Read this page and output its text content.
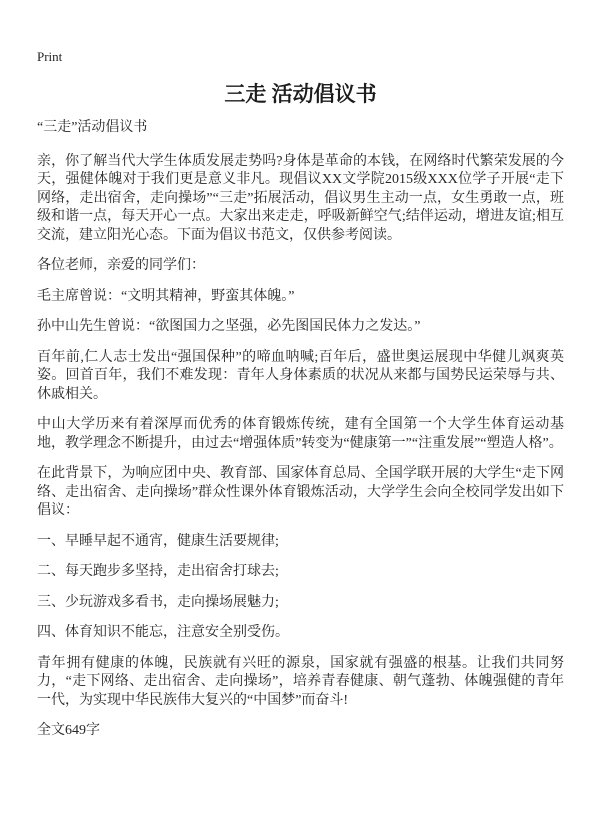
Print
三走 活动倡议书

“三走”活动倡议书

亲，你了解当代大学生体质发展走势吗?身体是革命的本钱，在网络时代繁荣发展的今天，强健体魄对于我们更是意义非凡。现倡议XX文学院2015级XXX位学子开展“走下网络，走出宿舍，走向操场”“三走”拓展活动，倡议男生主动一点，女生勇敢一点，班级和谐一点，每天开心一点。大家出来走走，呼吸新鲜空气;结伴运动，增进友谊;相互交流，建立阳光心态。下面为倡议书范文，仅供参考阅读。

各位老师，亲爱的同学们：

毛主席曾说：“文明其精神，野蛮其体魄。”

孙中山先生曾说：“欲图国力之坚强，必先图国民体力之发达。”

百年前,仁人志士发出“强国保种”的啼血呐喊;百年后，盛世奥运展现中华健儿飒爽英姿。回首百年，我们不难发现：青年人身体素质的状况从来都与国势民运荣辱与共、休戚相关。

中山大学历来有着深厚而优秀的体育锻炼传统，建有全国第一个大学生体育运动基地，教学理念不断提升，由过去“增强体质”转变为“健康第一”“注重发展”“塑造人格”。

在此背景下，为响应团中央、教育部、国家体育总局、全国学联开展的大学生“走下网络、走出宿舍、走向操场”群众性课外体育锻炼活动，大学学生会向全校同学发出如下倡议：

一、早睡早起不通宵，健康生活要规律;

二、每天跑步多坚持，走出宿舍打球去;

三、少玩游戏多看书，走向操场展魅力;

四、体育知识不能忘，注意安全别受伤。

青年拥有健康的体魄，民族就有兴旺的源泉，国家就有强盛的根基。让我们共同努力，“走下网络、走出宿舍、走向操场”，培养青春健康、朝气蓬勃、体魄强健的青年一代，为实现中华民族伟大复兴的“中国梦”而奋斗!

全文649字
